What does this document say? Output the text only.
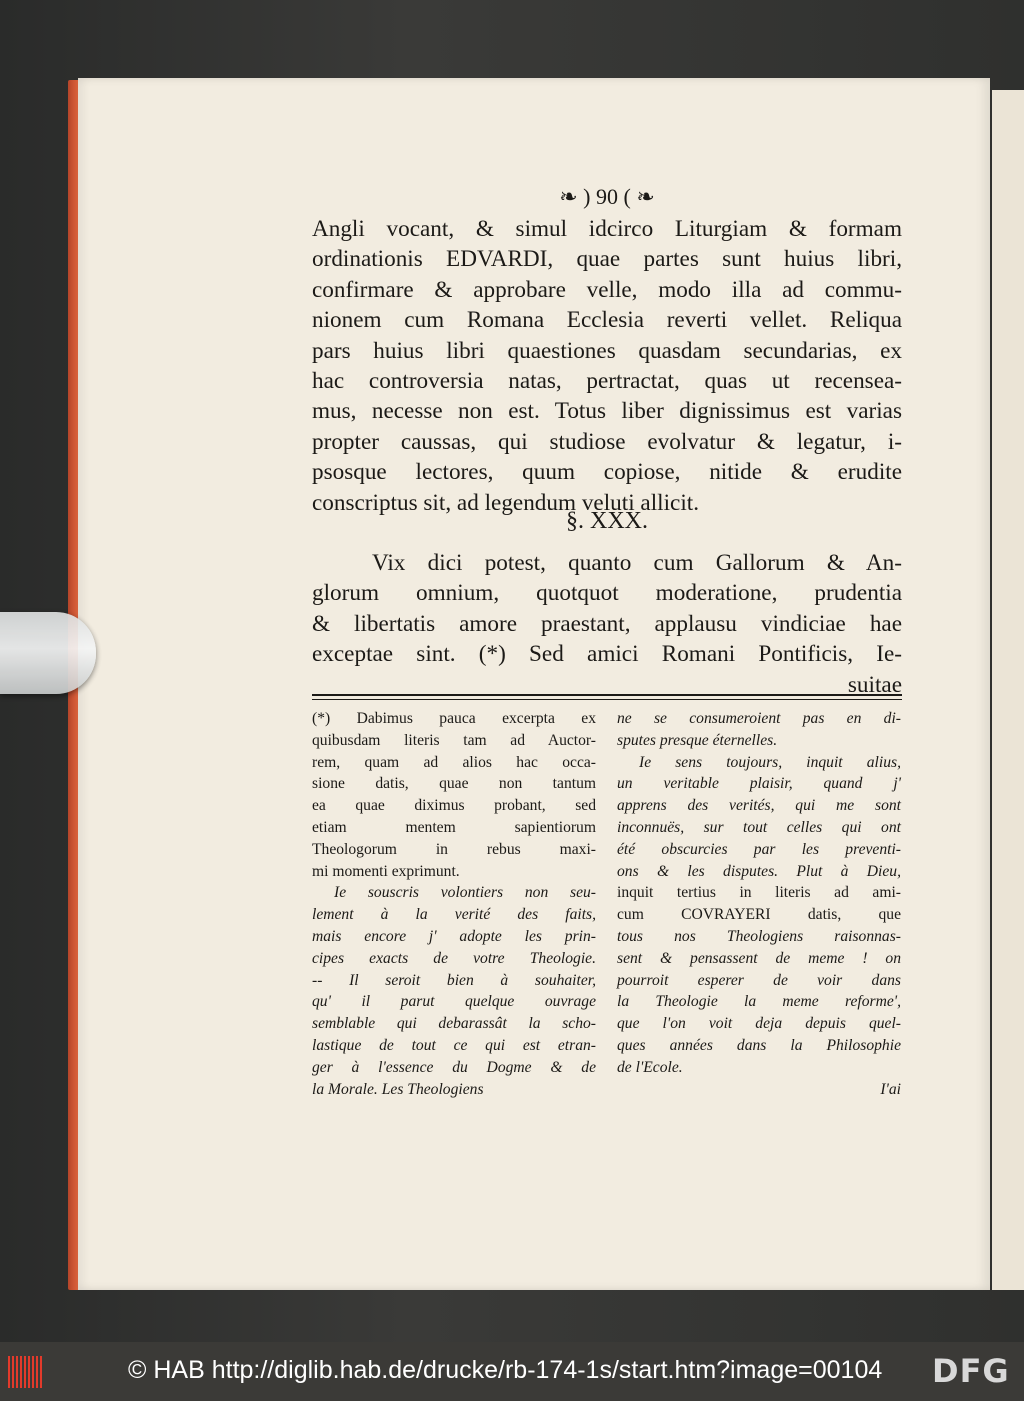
❧ ) 90 ( ❧
Angli vocant, & simul idcirco Liturgiam & formam
ordinationis EDVARDI, quae partes sunt huius libri,
confirmare & approbare velle, modo illa ad commu-
nionem cum Romana Ecclesia reverti vellet. Reliqua
pars huius libri quaestiones quasdam secundarias, ex
hac controversia natas, pertractat, quas ut recensea-
mus, necesse non est. Totus liber dignissimus est varias
propter caussas, qui studiose evolvatur & legatur, i-
psosque lectores, quum copiose, nitide & erudite
conscriptus sit, ad legendum veluti allicit.
§. XXX.
Vix dici potest, quanto cum Gallorum & An-
glorum omnium, quotquot moderatione, prudentia
& libertatis amore praestant, applausu vindiciae hae
exceptae sint. (*) Sed amici Romani Pontificis, Ie-
suitae
(*) Dabimus pauca excerpta ex
quibusdam literis tam ad Auctor-
rem, quam ad alios hac occa-
sione datis, quae non tantum
ea quae diximus probant, sed
etiam mentem sapientiorum
Theologorum in rebus maxi-
mi momenti exprimunt.
Ie souscris volontiers non seu-
lement à la verité des faits,
mais encore j' adopte les prin-
cipes exacts de votre Theologie.
-- Il seroit bien à souhaiter,
qu' il parut quelque ouvrage
semblable qui debarassât la scho-
lastique de tout ce qui est etran-
ger à l'essence du Dogme & de
la Morale. Les Theologiens
ne se consumeroient pas en di-
sputes presque éternelles.
Ie sens toujours, inquit alius,
un veritable plaisir, quand j'
apprens des verités, qui me sont
inconnuës, sur tout celles qui ont
été obscurcies par les preventi-
ons & les disputes. Plut à Dieu,
inquit tertius in literis ad ami-
cum COVRAYERI datis, que
tous nos Theologiens raisonnas-
sent & pensassent de meme ! on
pourroit esperer de voir dans
la Theologie la meme reforme',
que l'on voit deja depuis quel-
ques années dans la Philosophie
de l'Ecole.
I'ai
© HAB http://diglib.hab.de/drucke/rb-174-1s/start.htm?image=00104 DFG
